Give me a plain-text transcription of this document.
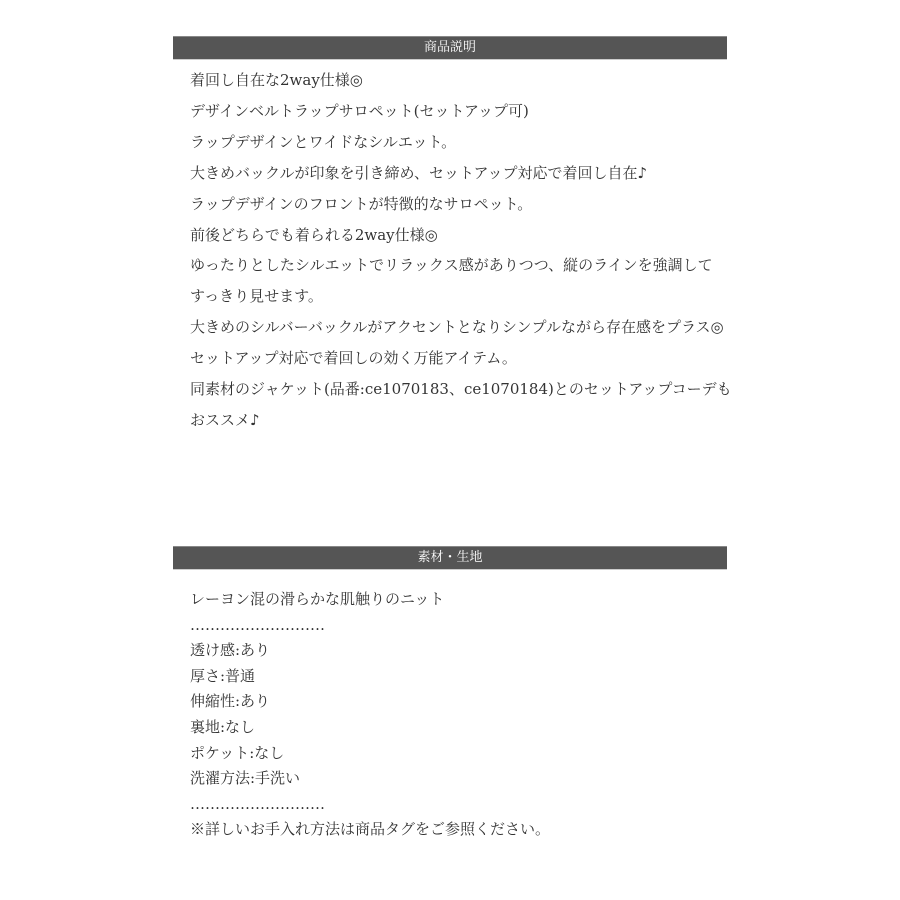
商品説明
着回し自在な2way仕様◎
デザインベルトラップサロペット(セットアップ可)
ラップデザインとワイドなシルエット。
大きめバックルが印象を引き締め、セットアップ対応で着回し自在♪
ラップデザインのフロントが特徴的なサロペット。
前後どちらでも着られる2way仕様◎
ゆったりとしたシルエットでリラックス感がありつつ、縦のラインを強調して
すっきり見せます。
大きめのシルバーバックルがアクセントとなりシンプルながら存在感をプラス◎
セットアップ対応で着回しの効く万能アイテム。
同素材のジャケット(品番:ce1070183、ce1070184)とのセットアップコーデも
おススメ♪
素材・生地
レーヨン混の滑らかな肌触りのニット
………………………
透け感:あり
厚さ:普通
伸縮性:あり
裏地:なし
ポケット:なし
洗濯方法:手洗い
………………………
※詳しいお手入れ方法は商品タグをご参照ください。
